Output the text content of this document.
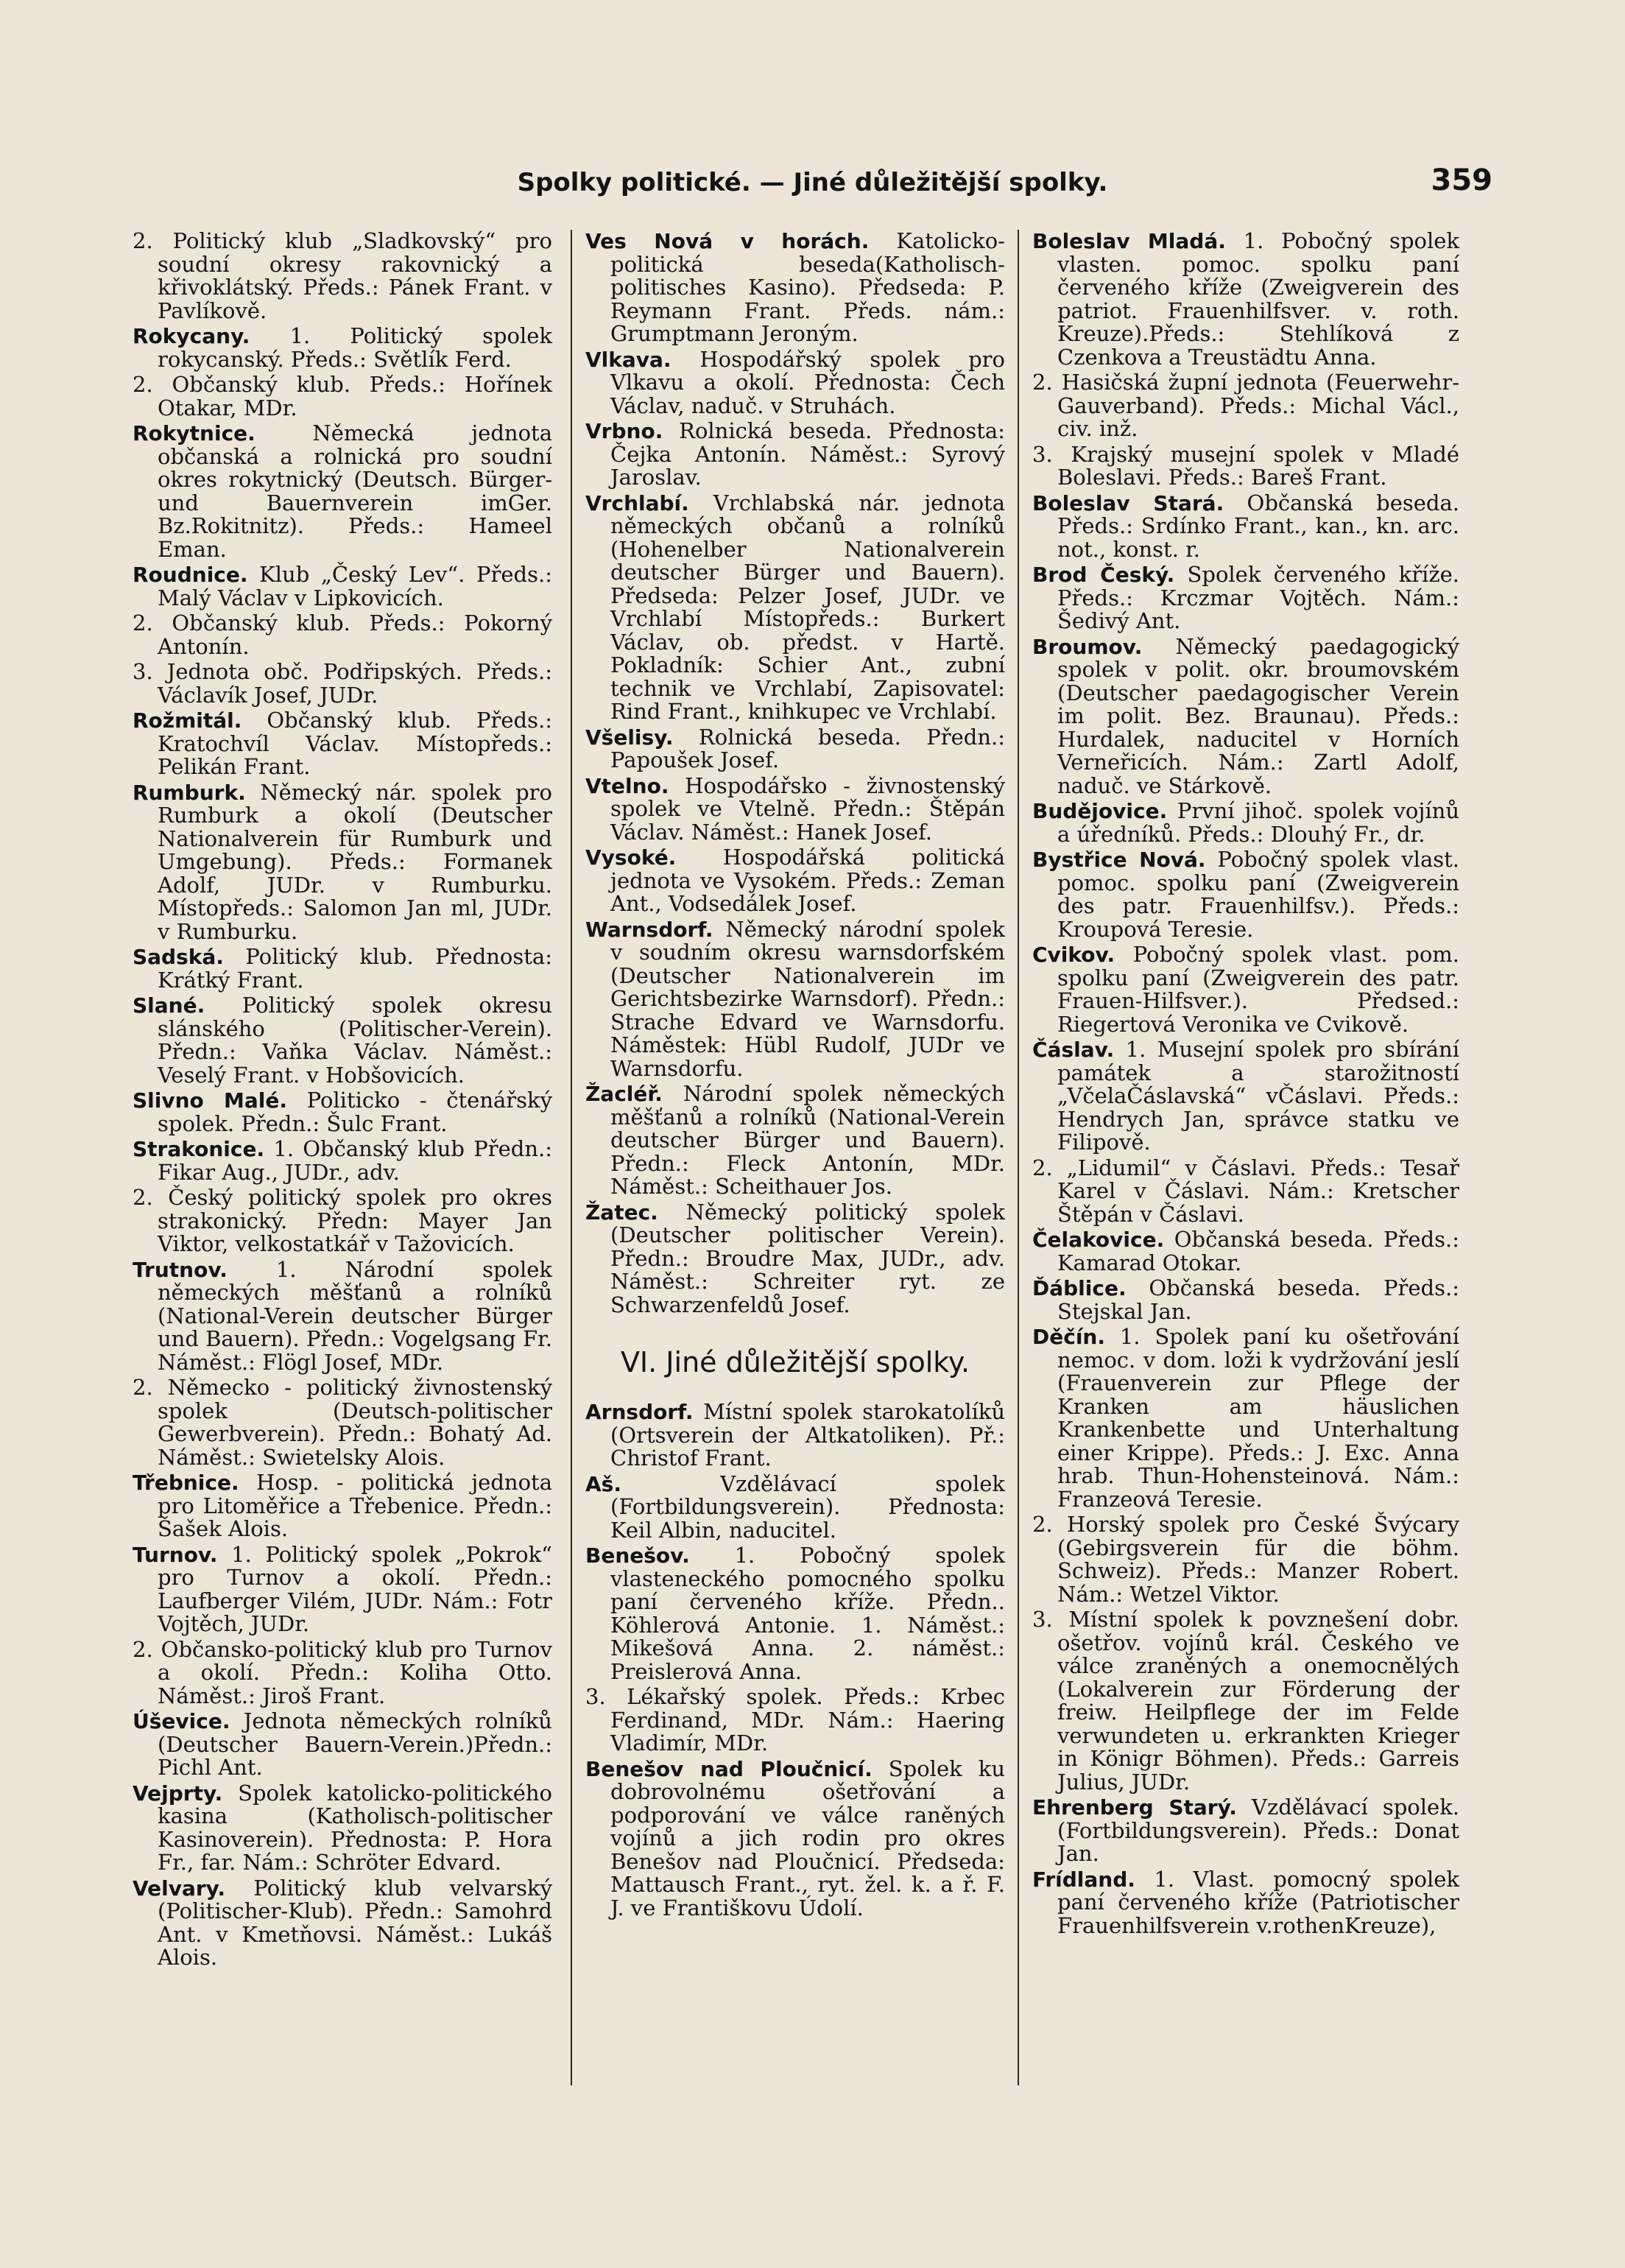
Spolky politické. — Jiné důležitější spolky.	359

2. Politický klub „Sladkovský“ pro soudní okresy rakovnický a křivoklátský. Předs.: Pánek Frant. v Pavlíkově.

Rokycany. 1. Politický spolek rokycanský. Předs.: Světlík Ferd.

2. Občanský klub. Předs.: Hořínek Otakar, MDr.

Rokytnice. Německá jednota občanská a rolnická pro soudní okres rokytnický (Deutsch. Bürger- und Bauernverein imGer. Bz.Rokitnitz). Předs.: Hameel Eman.

Roudnice. Klub „Český Lev“. Předs.: Malý Václav v Lipkovicích.

2. Občanský klub. Předs.: Pokorný Antonín.

3. Jednota obč. Podřipských. Předs.: Václavík Josef, JUDr.

Rožmitál. Občanský klub. Předs.: Kratochvíl Václav. Místopředs.: Pelikán Frant.

Rumburk. Německý nár. spolek pro Rumburk a okolí (Deutscher Nationalverein für Rumburk und Umgebung). Předs.: Formanek Adolf, JUDr. v Rumburku. Místopředs.: Salomon Jan ml, JUDr. v Rumburku.

Sadská. Politický klub. Přednosta: Krátký Frant.

Slané. Politický spolek okresu slánského (Politischer-Verein). Předn.: Vaňka Václav. Náměst.: Veselý Frant. v Hobšovicích.

Slivno Malé. Politicko - čtenářský spolek. Předn.: Šulc Frant.

Strakonice. 1. Občanský klub Předn.: Fikar Aug., JUDr., adv.

2. Český politický spolek pro okres strakonický. Předn: Mayer Jan Viktor, velkostatkář v Tažovicích.

Trutnov. 1. Národní spolek německých měšťanů a rolníků (National-Verein deutscher Bürger und Bauern). Předn.: Vogelgsang Fr. Náměst.: Flögl Josef, MDr.

2. Německo - politický živnostenský spolek (Deutsch-politischer Gewerbverein). Předn.: Bohatý Ad. Náměst.: Swietelsky Alois.

Třebnice. Hosp. - politická jednota pro Litoměřice a Třebenice. Předn.: Šašek Alois.

Turnov. 1. Politický spolek „Pokrok“ pro Turnov a okolí. Předn.: Laufberger Vilém, JUDr. Nám.: Fotr Vojtěch, JUDr.

2. Občansko-politický klub pro Turnov a okolí. Předn.: Koliha Otto. Náměst.: Jiroš Frant.

Úševice. Jednota německých rolníků (Deutscher Bauern-Verein.)Předn.: Pichl Ant.

Vejprty. Spolek katolicko-politického kasina (Katholisch-politischer Kasinoverein). Přednosta: P. Hora Fr., far. Nám.: Schröter Edvard.

Velvary. Politický klub velvarský (Politischer-Klub). Předn.: Samohrd Ant. v Kmetňovsi. Náměst.: Lukáš Alois.

Ves Nová v horách. Katolicko-politická beseda(Katholisch-politisches Kasino). Předseda: P. Reymann Frant. Předs. nám.: Grumptmann Jeroným.

Vlkava. Hospodářský spolek pro Vlkavu a okolí. Přednosta: Čech Václav, naduč. v Struhách.

Vrbno. Rolnická beseda. Přednosta: Čejka Antonín. Náměst.: Syrový Jaroslav.

Vrchlabí. Vrchlabská nár. jednota německých občanů a rolníků (Hohenelber Nationalverein deutscher Bürger und Bauern). Předseda: Pelzer Josef, JUDr. ve Vrchlabí Místopředs.: Burkert Václav, ob. předst. v Hartě. Pokladník: Schier Ant., zubní technik ve Vrchlabí, Zapisovatel: Rind Frant., knihkupec ve Vrchlabí.

Všelisy. Rolnická beseda. Předn.: Papoušek Josef.

Vtelno. Hospodářsko - živnostenský spolek ve Vtelně. Předn.: Štěpán Václav. Náměst.: Hanek Josef.

Vysoké. Hospodářská politická jednota ve Vysokém. Předs.: Zeman Ant., Vodsedálek Josef.

Warnsdorf. Německý národní spolek v soudním okresu warnsdorfském (Deutscher Nationalverein im Gerichtsbezirke Warnsdorf). Předn.: Strache Edvard ve Warnsdorfu. Náměstek: Hübl Rudolf, JUDr ve Warnsdorfu.

Žacléř. Národní spolek německých měšťanů a rolníků (National-Verein deutscher Bürger und Bauern). Předn.: Fleck Antonín, MDr. Náměst.: Scheithauer Jos.

Žatec. Německý politický spolek (Deutscher politischer Verein). Předn.: Broudre Max, JUDr., adv. Náměst.: Schreiter ryt. ze Schwarzenfeldů Josef.

VI. Jiné důležitější spolky.

Arnsdorf. Místní spolek starokatolíků (Ortsverein der Altkatoliken). Př.: Christof Frant.

Aš. Vzdělávací spolek (Fortbildungsverein). Přednosta: Keil Albin, naducitel.

Benešov. 1. Pobočný spolek vlasteneckého pomocného spolku paní červeného kříže. Předn.. Köhlerová Antonie. 1. Náměst.: Mikešová Anna. 2. náměst.: Preislerová Anna.

3. Lékařský spolek. Předs.: Krbec Ferdinand, MDr. Nám.: Haering Vladimír, MDr.

Benešov nad Ploučnicí. Spolek ku dobrovolnému ošetřování a podporování ve válce raněných vojínů a jich rodin pro okres Benešov nad Ploučnicí. Předseda: Mattausch Frant., ryt. žel. k. a ř. F. J. ve Františkovu Údolí.

Boleslav Mladá. 1. Pobočný spolek vlasten. pomoc. spolku paní červeného kříže (Zweigverein des patriot. Frauenhilfsver. v. roth. Kreuze).Předs.: Stehlíková z Czenkova a Treustädtu Anna.

2. Hasičská župní jednota (Feuerwehr-Gauverband). Předs.: Michal Václ., civ. inž.

3. Krajský musejní spolek v Mladé Boleslavi. Předs.: Bareš Frant.

Boleslav Stará. Občanská beseda. Předs.: Srdínko Frant., kan., kn. arc. not., konst. r.

Brod Český. Spolek červeného kříže. Předs.: Krczmar Vojtěch. Nám.: Šedivý Ant.

Broumov. Německý paedagogický spolek v polit. okr. broumovském (Deutscher paedagogischer Verein im polit. Bez. Braunau). Předs.: Hurdalek, naducitel v Horních Verneřicích. Nám.: Zartl Adolf, naduč. ve Stárkově.

Budějovice. První jihoč. spolek vojínů a úředníků. Předs.: Dlouhý Fr., dr.

Bystřice Nová. Pobočný spolek vlast. pomoc. spolku paní (Zweigverein des patr. Frauenhilfsv.). Předs.: Kroupová Teresie.

Cvikov. Pobočný spolek vlast. pom. spolku paní (Zweigverein des patr. Frauen-Hilfsver.). Předsed.: Riegertová Veronika ve Cvikově.

Čáslav. 1. Musejní spolek pro sbírání památek a starožitností „VčelaČáslavská“ vČáslavi. Předs.: Hendrych Jan, správce statku ve Filipově.

2. „Lidumil“ v Čáslavi. Předs.: Tesař Karel v Čáslavi. Nám.: Kretscher Štěpán v Čáslavi.

Čelakovice. Občanská beseda. Předs.: Kamarad Otokar.

Ďáblice. Občanská beseda. Předs.: Stejskal Jan.

Děčín. 1. Spolek paní ku ošetřování nemoc. v dom. loži k vydržování jeslí (Frauenverein zur Pflege der Kranken am häuslichen Krankenbette und Unterhaltung einer Krippe). Předs.: J. Exc. Anna hrab. Thun-Hohensteinová. Nám.: Franzeová Teresie.

2. Horský spolek pro České Švýcary (Gebirgsverein für die böhm. Schweiz). Předs.: Manzer Robert. Nám.: Wetzel Viktor.

3. Místní spolek k povznešení dobr. ošetřov. vojínů král. Českého ve válce zraněných a onemocnělých (Lokalverein zur Förderung der freiw. Heilpflege der im Felde verwundeten u. erkrankten Krieger in Königr Böhmen). Předs.: Garreis Julius, JUDr.

Ehrenberg Starý. Vzdělávací spolek. (Fortbildungsverein). Předs.: Donat Jan.

Frídland. 1. Vlast. pomocný spolek paní červeného kříže (Patriotischer Frauenhilfsverein v.rothenKreuze),
